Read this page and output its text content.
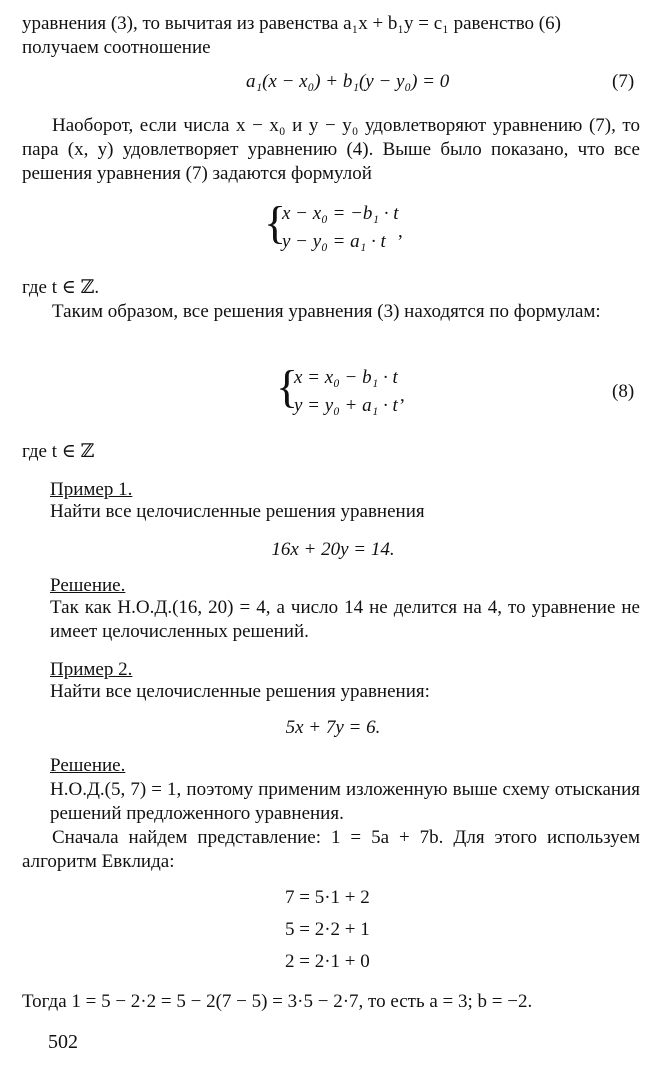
уравнения (3), то вычитая из равенства a₁x + b₁y = c₁ равенство (6)
получаем соотношение
a₁(x − x₀) + b₁(y − y₀) = 0	(7)
Наоборот, если числа x − x₀ и y − y₀ удовлетворяют уравнению (7), то пара (x, y) удовлетворяет уравнению (4). Выше было показано, что все решения уравнения (7) задаются формулой
{
x − x₀ = −b₁ · t
y − y₀ = a₁ · t ,
где t ∈ ℤ.
Таким образом, все решения уравнения (3) находятся по формулам:
{
x = x₀ − b₁ · t
y = y₀ + a₁ · t ,	(8)
где t ∈ ℤ
Пример 1.
Найти все целочисленные решения уравнения
16x + 20y = 14.
Решение.
Так как Н.О.Д.(16, 20) = 4, а число 14 не делится на 4, то уравнение не имеет целочисленных решений.
Пример 2.
Найти все целочисленные решения уравнения:
5x + 7y = 6.
Решение.
Н.О.Д.(5, 7) = 1, поэтому применим изложенную выше схему отыскания решений предложенного уравнения.
Сначала найдем представление: 1 = 5a + 7b. Для этого используем алгоритм Евклида:
7 = 5·1 + 2
5 = 2·2 + 1
2 = 2·1 + 0
Тогда 1 = 5 − 2·2 = 5 − 2(7 − 5) = 3·5 − 2·7, то есть a = 3; b = −2.
502
